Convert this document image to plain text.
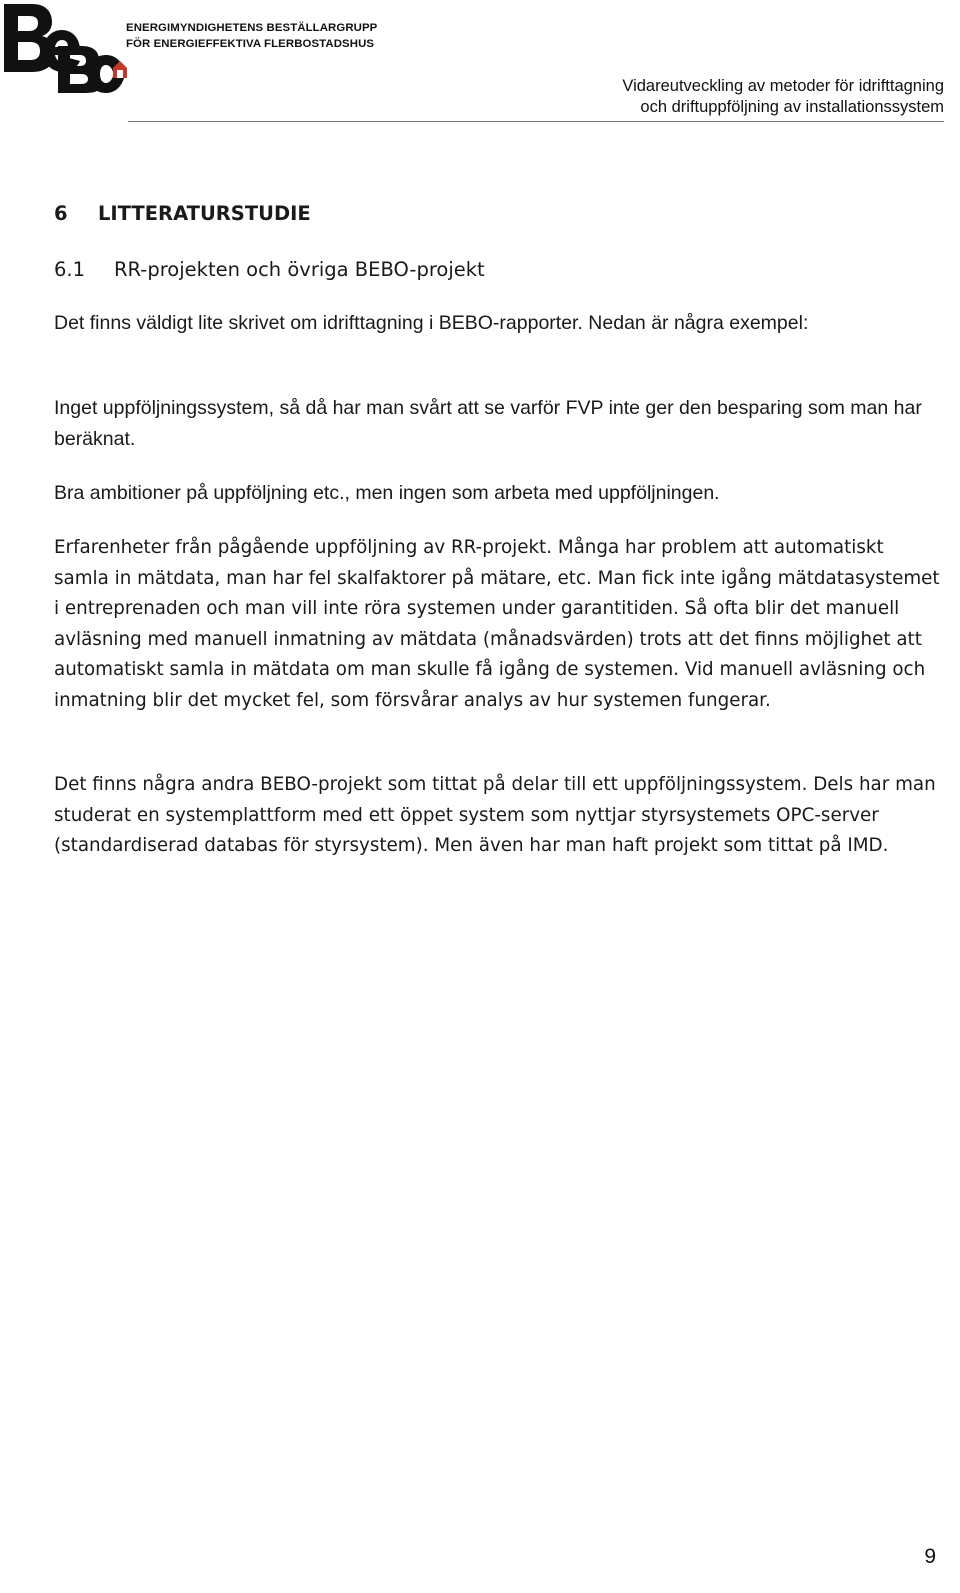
ENERGIMYNDIGHETENS BESTÄLLARGRUPP
FÖR ENERGIEFFEKTIVA FLERBOSTADSHUS
Vidareutveckling av metoder för idrifttagning
och driftuppföljning av installationssystem
6 LITTERATURSTUDIE
6.1 RR-projekten och övriga BEBO-projekt

Det finns väldigt lite skrivet om idrifttagning i BEBO-rapporter. Nedan är några exempel:

Inget uppföljningssystem, så då har man svårt att se varför FVP inte ger den besparing som man har beräknat.

Bra ambitioner på uppföljning etc., men ingen som arbeta med uppföljningen.

Erfarenheter från pågående uppföljning av RR-projekt. Många har problem att automatiskt samla in mätdata, man har fel skalfaktorer på mätare, etc. Man fick inte igång mätdatasystemet i entreprenaden och man vill inte röra systemen under garantitiden. Så ofta blir det manuell avläsning med manuell inmatning av mätdata (månadsvärden) trots att det finns möjlighet att automatiskt samla in mätdata om man skulle få igång de systemen. Vid manuell avläsning och inmatning blir det mycket fel, som försvårar analys av hur systemen fungerar.

Det finns några andra BEBO-projekt som tittat på delar till ett uppföljningssystem. Dels har man studerat en systemplattform med ett öppet system som nyttjar styrsystemets OPC-server (standardiserad databas för styrsystem). Men även har man haft projekt som tittat på IMD.

9
